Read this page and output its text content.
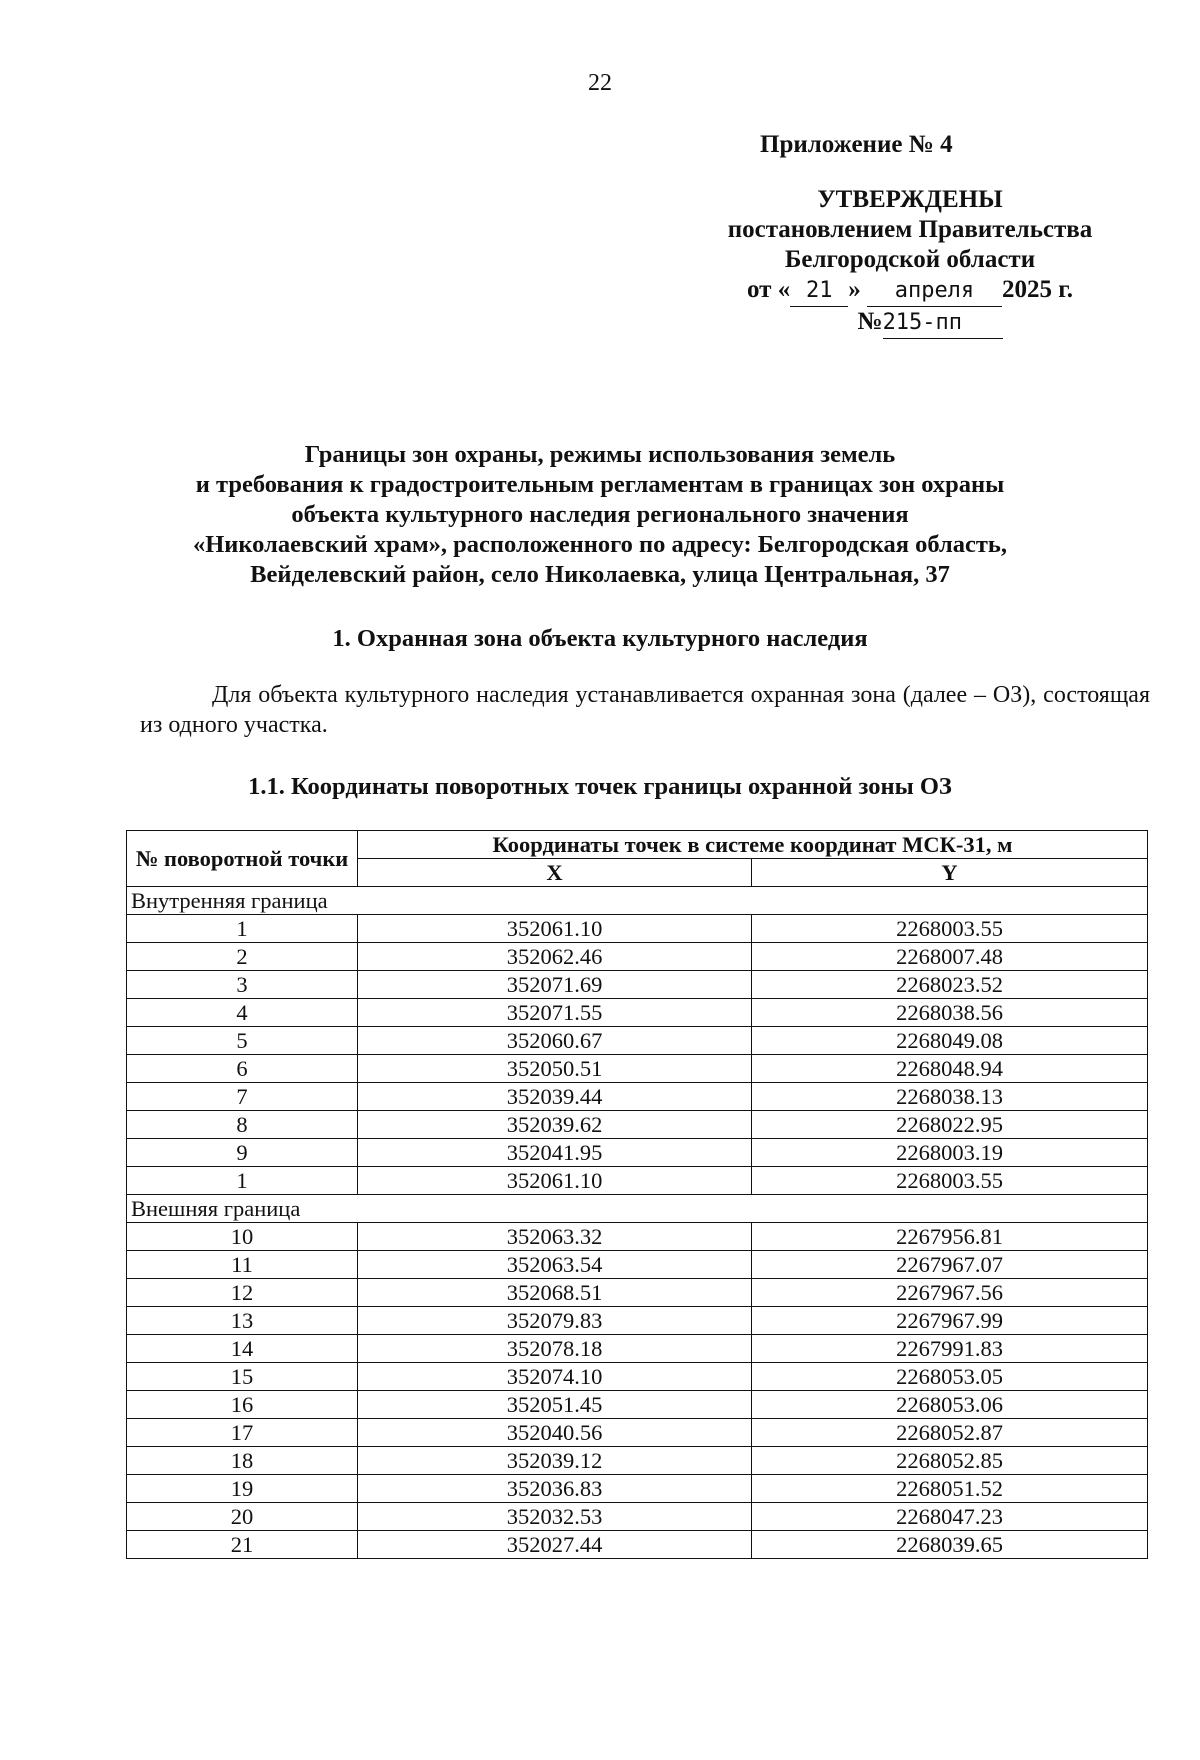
22
Приложение № 4
УТВЕРЖДЕНЫ
постановлением Правительства
Белгородской области
от « 21 » апреля 2025 г.
№215-пп
Границы зон охраны, режимы использования земель
и требования к градостроительным регламентам в границах зон охраны
объекта культурного наследия регионального значения
«Николаевский храм», расположенного по адресу: Белгородская область,
Вейделевский район, село Николаевка, улица Центральная, 37
1. Охранная зона объекта культурного наследия
Для объекта культурного наследия устанавливается охранная зона (далее – ОЗ), состоящая из одного участка.
1.1. Координаты поворотных точек границы охранной зоны ОЗ
№ поворотной точки	Координаты точек в системе координат МСК-31, м	
	X	Y
Внутренняя граница		
1	352061.10	2268003.55
2	352062.46	2268007.48
3	352071.69	2268023.52
4	352071.55	2268038.56
5	352060.67	2268049.08
6	352050.51	2268048.94
7	352039.44	2268038.13
8	352039.62	2268022.95
9	352041.95	2268003.19
1	352061.10	2268003.55
Внешняя граница		
10	352063.32	2267956.81
11	352063.54	2267967.07
12	352068.51	2267967.56
13	352079.83	2267967.99
14	352078.18	2267991.83
15	352074.10	2268053.05
16	352051.45	2268053.06
17	352040.56	2268052.87
18	352039.12	2268052.85
19	352036.83	2268051.52
20	352032.53	2268047.23
21	352027.44	2268039.65
